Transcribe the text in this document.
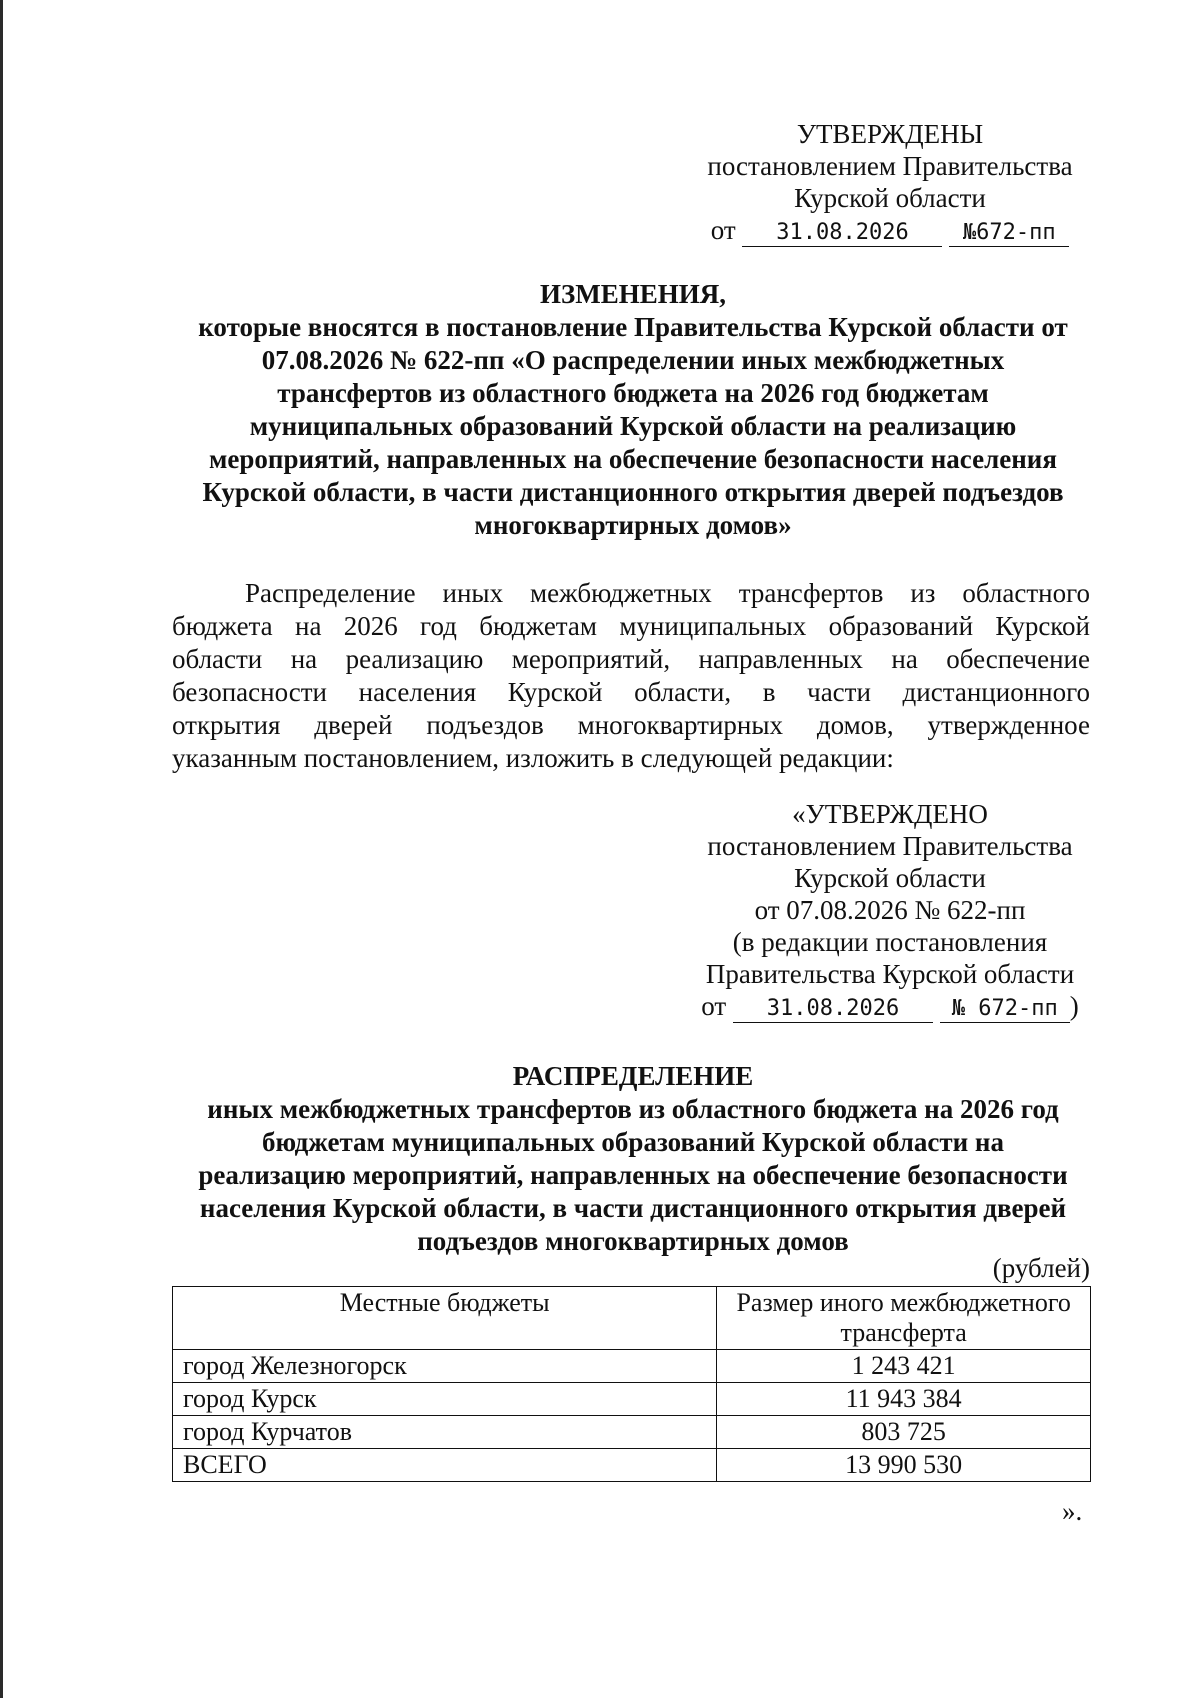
УТВЕРЖДЕНЫ
постановлением Правительства
Курской области
от 31.08.2026 №672-пп
ИЗМЕНЕНИЯ,
которые вносятся в постановление Правительства Курской области от
07.08.2026 № 622-пп «О распределении иных межбюджетных
трансфертов из областного бюджета на 2026 год бюджетам
муниципальных образований Курской области на реализацию
мероприятий, направленных на обеспечение безопасности населения
Курской области, в части дистанционного открытия дверей подъездов
многоквартирных домов»
Распределение иных межбюджетных трансфертов из областного
бюджета на 2026 год бюджетам муниципальных образований Курской
области на реализацию мероприятий, направленных на обеспечение
безопасности населения Курской области, в части дистанционного
открытия дверей подъездов многоквартирных домов, утвержденное
указанным постановлением, изложить в следующей редакции:
«УТВЕРЖДЕНО
постановлением Правительства
Курской области
от 07.08.2026 № 622-пп
(в редакции постановления
Правительства Курской области
от 31.08.2026 № 672-пп )
РАСПРЕДЕЛЕНИЕ
иных межбюджетных трансфертов из областного бюджета на 2026 год
бюджетам муниципальных образований Курской области на
реализацию мероприятий, направленных на обеспечение безопасности
населения Курской области, в части дистанционного открытия дверей
подъездов многоквартирных домов
(рублей)
Местные бюджеты	Размер иного межбюджетного трансферта
город Железногорск	1 243 421
город Курск	11 943 384
город Курчатов	803 725
ВСЕГО	13 990 530
».
